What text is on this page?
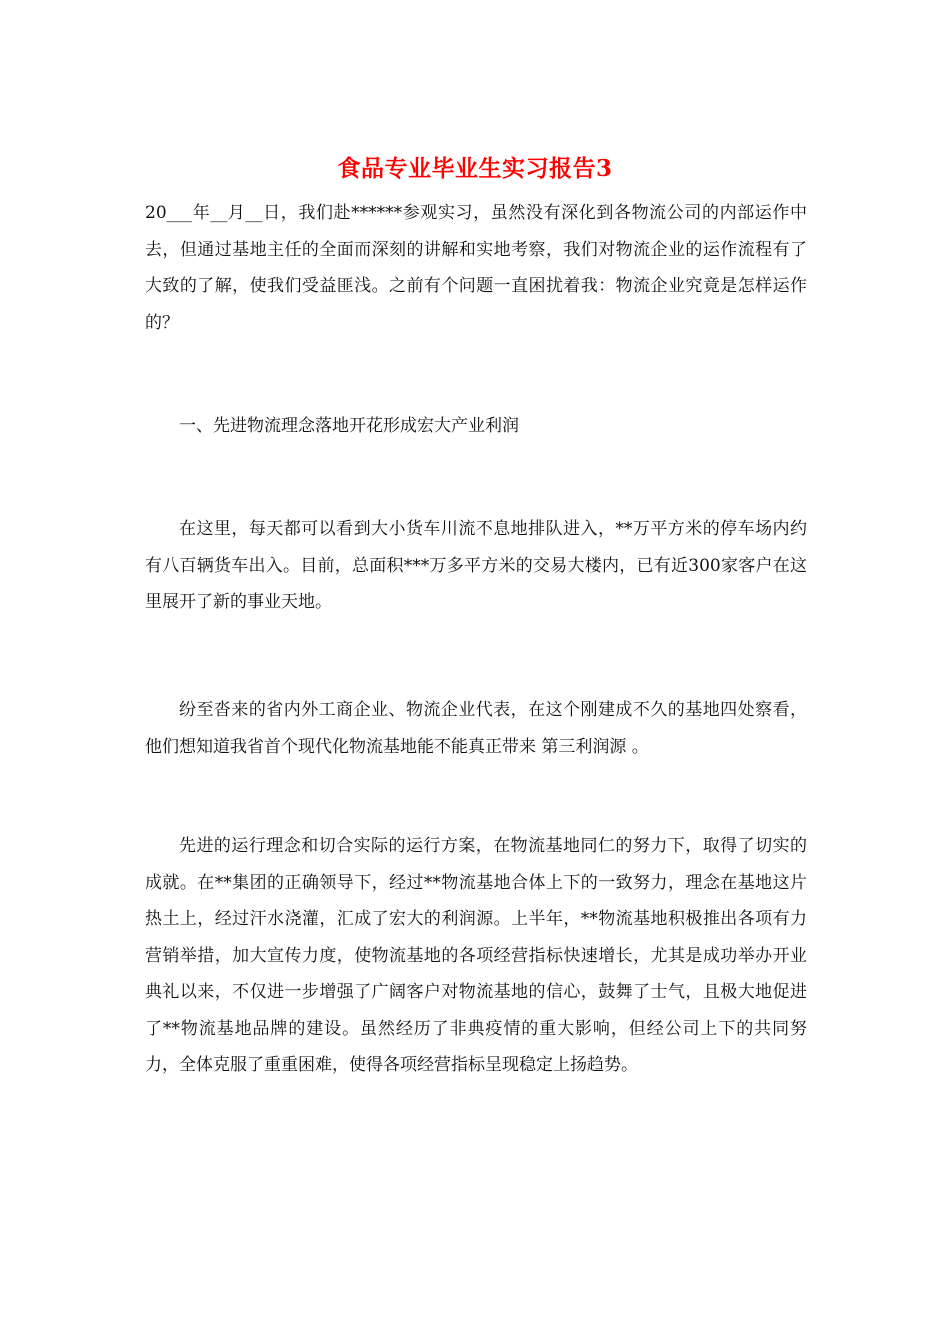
食品专业毕业生实习报告3

20___年__月__日，我们赴******参观实习，虽然没有深化到各物流公司的内部运作中去，但通过基地主任的全面而深刻的讲解和实地考察，我们对物流企业的运作流程有了大致的了解，使我们受益匪浅。之前有个问题一直困扰着我：物流企业究竟是怎样运作的？

一、先进物流理念落地开花形成宏大产业利润

在这里，每天都可以看到大小货车川流不息地排队进入，**万平方米的停车场内约有八百辆货车出入。目前，总面积***万多平方米的交易大楼内，已有近300家客户在这里展开了新的事业天地。

纷至沓来的省内外工商企业、物流企业代表，在这个刚建成不久的基地四处察看，他们想知道我省首个现代化物流基地能不能真正带来 第三利润源 。

先进的运行理念和切合实际的运行方案，在物流基地同仁的努力下，取得了切实的成就。在**集团的正确领导下，经过**物流基地合体上下的一致努力，理念在基地这片热土上，经过汗水浇灌，汇成了宏大的利润源。上半年，**物流基地积极推出各项有力营销举措，加大宣传力度，使物流基地的各项经营指标快速增长，尤其是成功举办开业典礼以来，不仅进一步增强了广阔客户对物流基地的信心，鼓舞了士气，且极大地促进了**物流基地品牌的建设。虽然经历了非典疫情的重大影响，但经公司上下的共同努力，全体克服了重重困难，使得各项经营指标呈现稳定上扬趋势。
